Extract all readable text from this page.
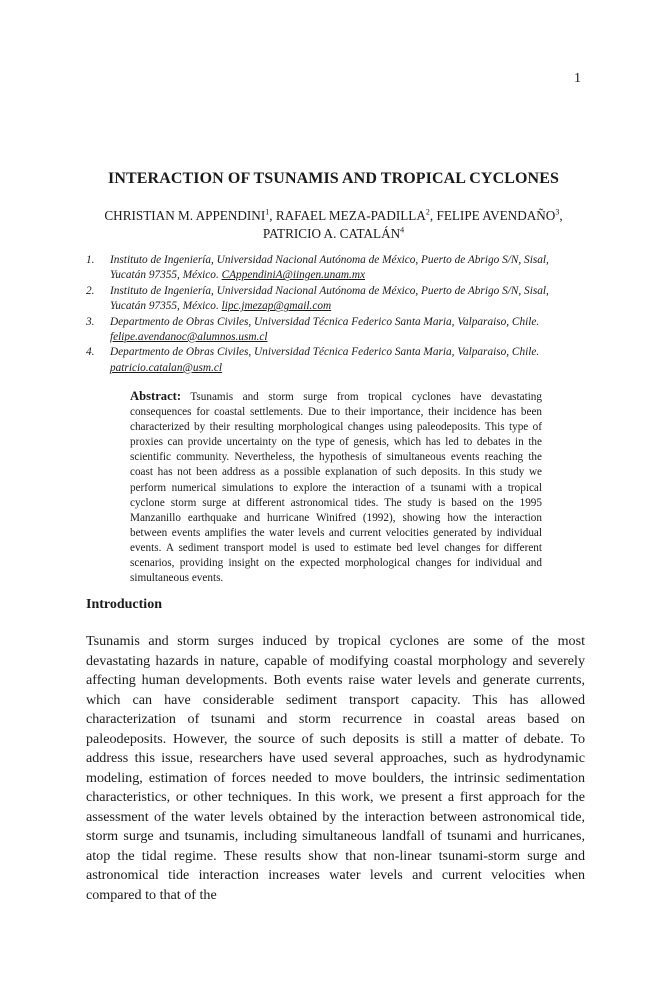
1
INTERACTION OF TSUNAMIS AND TROPICAL CYCLONES
CHRISTIAN M. APPENDINI$^1$, RAFAEL MEZA-PADILLA$^2$, FELIPE AVENDAÑO$^3$,
PATRICIO A. CATALÁN$^4$
1. Instituto de Ingeniería, Universidad Nacional Autónoma de México, Puerto de Abrigo S/N, Sisal, Yucatán 97355, México. CAppendiniA@iingen.unam.mx
2. Instituto de Ingeniería, Universidad Nacional Autónoma de México, Puerto de Abrigo S/N, Sisal, Yucatán 97355, México. lipc.jmezap@gmail.com
3. Departmento de Obras Civiles, Universidad Técnica Federico Santa Maria, Valparaiso, Chile. felipe.avendanoc@alumnos.usm.cl
4. Departmento de Obras Civiles, Universidad Técnica Federico Santa Maria, Valparaiso, Chile. patricio.catalan@usm.cl
Abstract: Tsunamis and storm surge from tropical cyclones have devastating consequences for coastal settlements. Due to their importance, their incidence has been characterized by their resulting morphological changes using paleodeposits. This type of proxies can provide uncertainty on the type of genesis, which has led to debates in the scientific community. Nevertheless, the hypothesis of simultaneous events reaching the coast has not been address as a possible explanation of such deposits. In this study we perform numerical simulations to explore the interaction of a tsunami with a tropical cyclone storm surge at different astronomical tides. The study is based on the 1995 Manzanillo earthquake and hurricane Winifred (1992), showing how the interaction between events amplifies the water levels and current velocities generated by individual events. A sediment transport model is used to estimate bed level changes for different scenarios, providing insight on the expected morphological changes for individual and simultaneous events.
Introduction
Tsunamis and storm surges induced by tropical cyclones are some of the most devastating hazards in nature, capable of modifying coastal morphology and severely affecting human developments. Both events raise water levels and generate currents, which can have considerable sediment transport capacity. This has allowed characterization of tsunami and storm recurrence in coastal areas based on paleodeposits. However, the source of such deposits is still a matter of debate. To address this issue, researchers have used several approaches, such as hydrodynamic modeling, estimation of forces needed to move boulders, the intrinsic sedimentation characteristics, or other techniques. In this work, we present a first approach for the assessment of the water levels obtained by the interaction between astronomical tide, storm surge and tsunamis, including simultaneous landfall of tsunami and hurricanes, atop the tidal regime. These results show that non-linear tsunami-storm surge and astronomical tide interaction increases water levels and current velocities when compared to that of the
